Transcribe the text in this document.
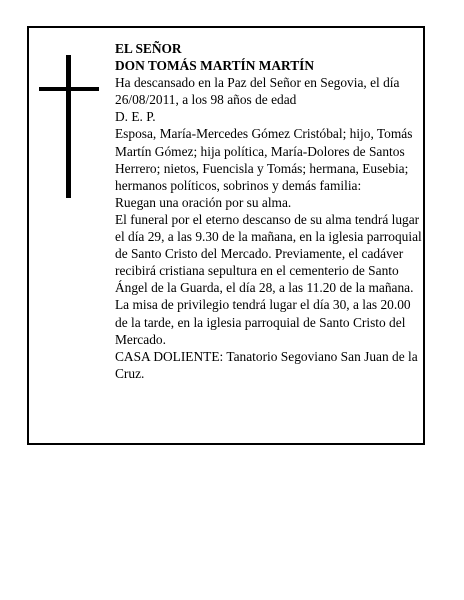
EL SEÑOR

DON TOMÁS MARTÍN MARTÍN

Ha descansado en la Paz del Señor en Segovia, el día 26/08/2011, a los 98 años de edad

D. E. P.

Esposa, María-Mercedes Gómez Cristóbal; hijo, Tomás Martín Gómez; hija política, María-Dolores de Santos Herrero; nietos, Fuencisla y Tomás; hermana, Eusebia; hermanos políticos, sobrinos y demás familia:

Ruegan una oración por su alma.

El funeral por el eterno descanso de su alma tendrá lugar el día 29, a las 9.30 de la mañana, en la iglesia parroquial de Santo Cristo del Mercado. Previamente, el cadáver recibirá cristiana sepultura en el cementerio de Santo Ángel de la Guarda, el día 28, a las 11.20 de la mañana.

La misa de privilegio tendrá lugar el día 30, a las 20.00 de la tarde, en la iglesia parroquial de Santo Cristo del Mercado.

CASA DOLIENTE: Tanatorio Segoviano San Juan de la Cruz.
